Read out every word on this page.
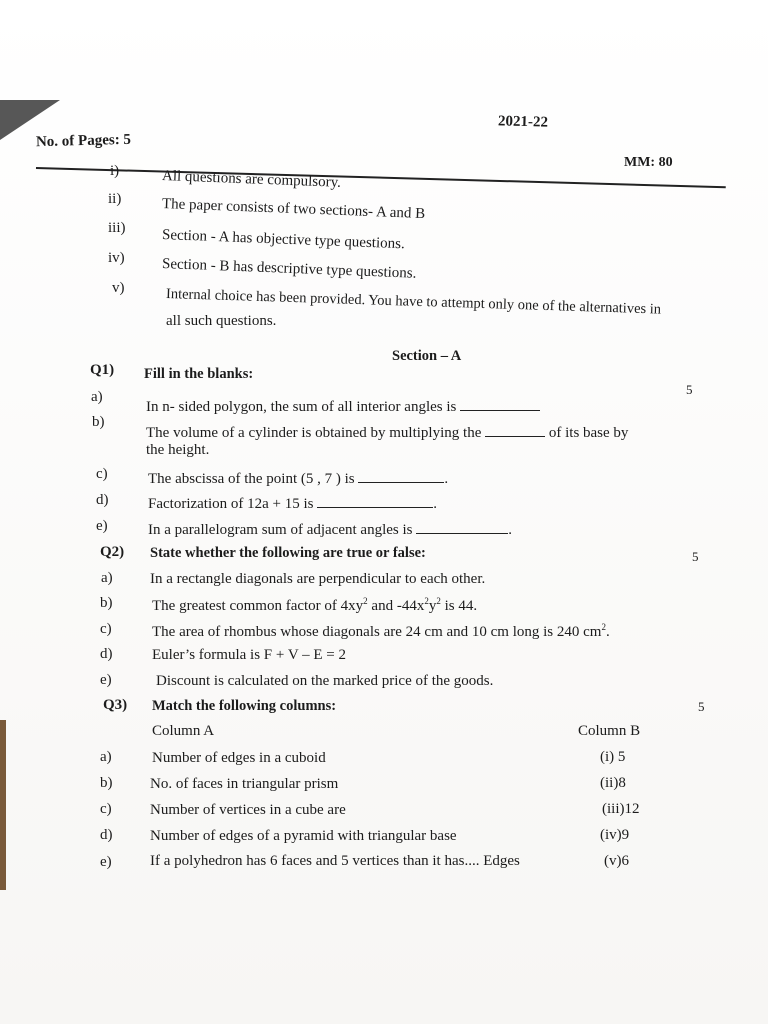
2021-22
No. of Pages: 5
MM: 80
i)	All questions are compulsory.
ii)	The paper consists of two sections- A and B
iii) Section - A has objective type questions.
iv) Section - B has descriptive type questions.
v)	Internal choice has been provided. You have to attempt only one of the alternatives in
all such questions.
Section – A
Q1) Fill in the blanks:
5
a)
In n- sided polygon, the sum of all interior angles is
b)
The volume of a cylinder is obtained by multiplying the	of its base by
the height.
c)	The abscissa of the point (5 , 7 ) is	.
d)	Factorization of 12a + 15 is	.
e)	In a parallelogram sum of adjacent angles is	.
Q2) State whether the following are true or false:	5
a) In a rectangle diagonals are perpendicular to each other.
b)	The greatest common factor of $4xy^2$ and $-44x^2y^2$ is 44.
c)	The area of rhombus whose diagonals are 24 cm and 10 cm long is 240 $cm^2$.
d)	Euler’s formula is F + V – E = 2
e)	Discount is calculated on the marked price of the goods.
Q3) Match the following columns:	5
Column A	Column B
a)	Number of edges in a cuboid	(i) 5
b)	No. of faces in triangular prism	(ii)8
c)	Number of vertices in a cube are	(iii)12
d)	Number of edges of a pyramid with triangular base	(iv)9
e)	If a polyhedron has 6 faces and 5 vertices than it has.... Edges	(v)6
